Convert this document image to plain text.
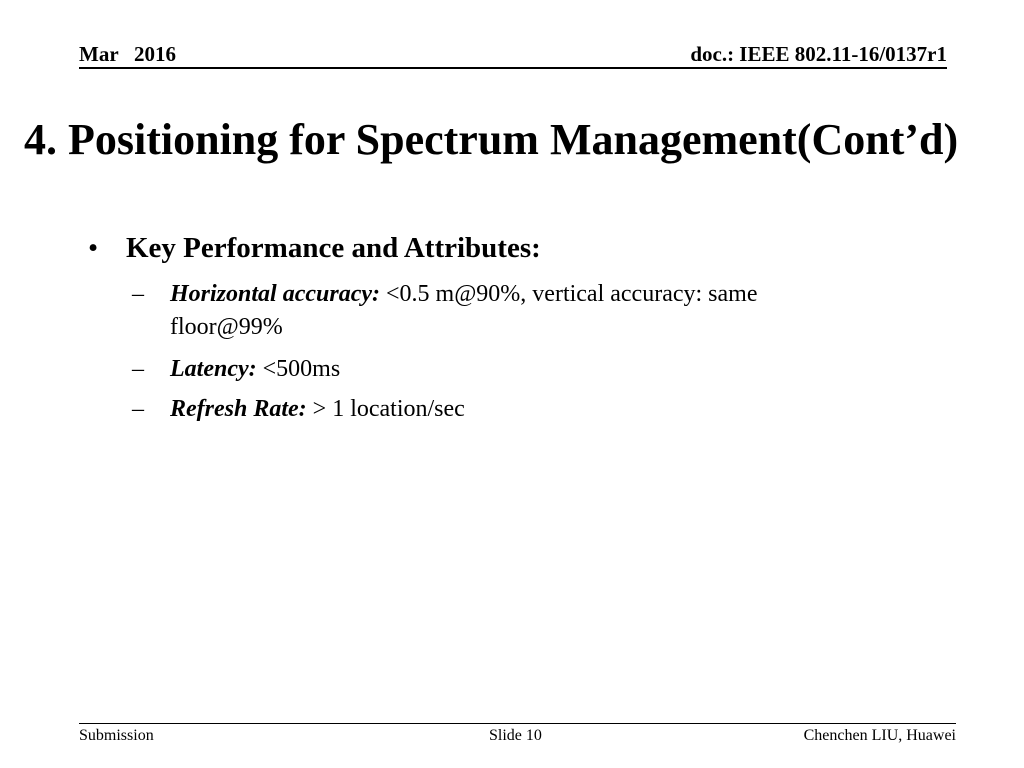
Mar   2016	doc.: IEEE 802.11-16/0137r1
4. Positioning for Spectrum Management(Cont’d)
• Key Performance and Attributes:
– Horizontal accuracy: <0.5 m@90%, vertical accuracy: same
floor@99%
– Latency: <500ms
– Refresh Rate: > 1 location/sec
Submission	Slide 10	Chenchen LIU, Huawei
